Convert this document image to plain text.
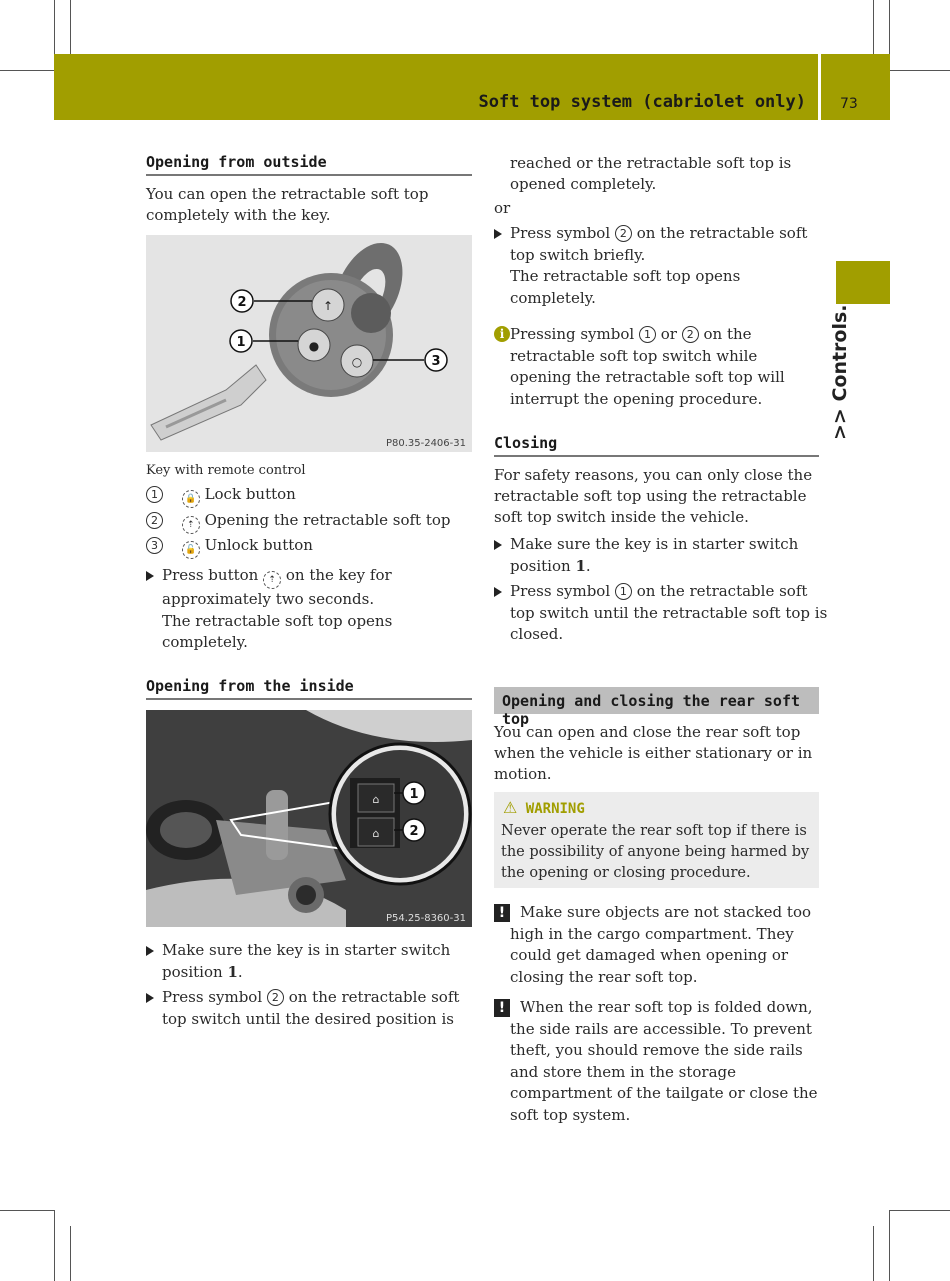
Soft top system (cabriolet only) 73
>> Controls.
Opening from outside

You can open the retractable soft top completely with the key.

↑
●
○
2
1
3
P80.35-2406-31
Key with remote control
1	🔒 Lock button
2	⇡ Opening the retractable soft top
3	🔓 Unlock button
Press button ⇡ on the key for approximately two seconds.
The retractable soft top opens completely.
Opening from the inside
⌂
⌂
1
2
P54.25-8360-31
Make sure the key is in starter switch position 1.
Press symbol 2 on the retractable soft top switch until the desired position is

reached or the retractable soft top is opened completely.

or
Press symbol 2 on the retractable soft top switch briefly.
The retractable soft top opens completely.
i Pressing symbol 1 or 2 on the retractable soft top switch while opening the retractable soft top will interrupt the opening procedure.
Closing

For safety reasons, you can only close the retractable soft top using the retractable soft top switch inside the vehicle.

Make sure the key is in starter switch position 1.
Press symbol 1 on the retractable soft top switch until the retractable soft top is closed.
Opening and closing the rear soft top

You can open and close the rear soft top when the vehicle is either stationary or in motion.

⚠ WARNING

Never operate the rear soft top if there is the possibility of anyone being harmed by the opening or closing procedure.

! Make sure objects are not stacked too high in the cargo compartment. They could get damaged when opening or closing the rear soft top.
! When the rear soft top is folded down, the side rails are accessible. To prevent theft, you should remove the side rails and store them in the storage compartment of the tailgate or close the soft top system.
